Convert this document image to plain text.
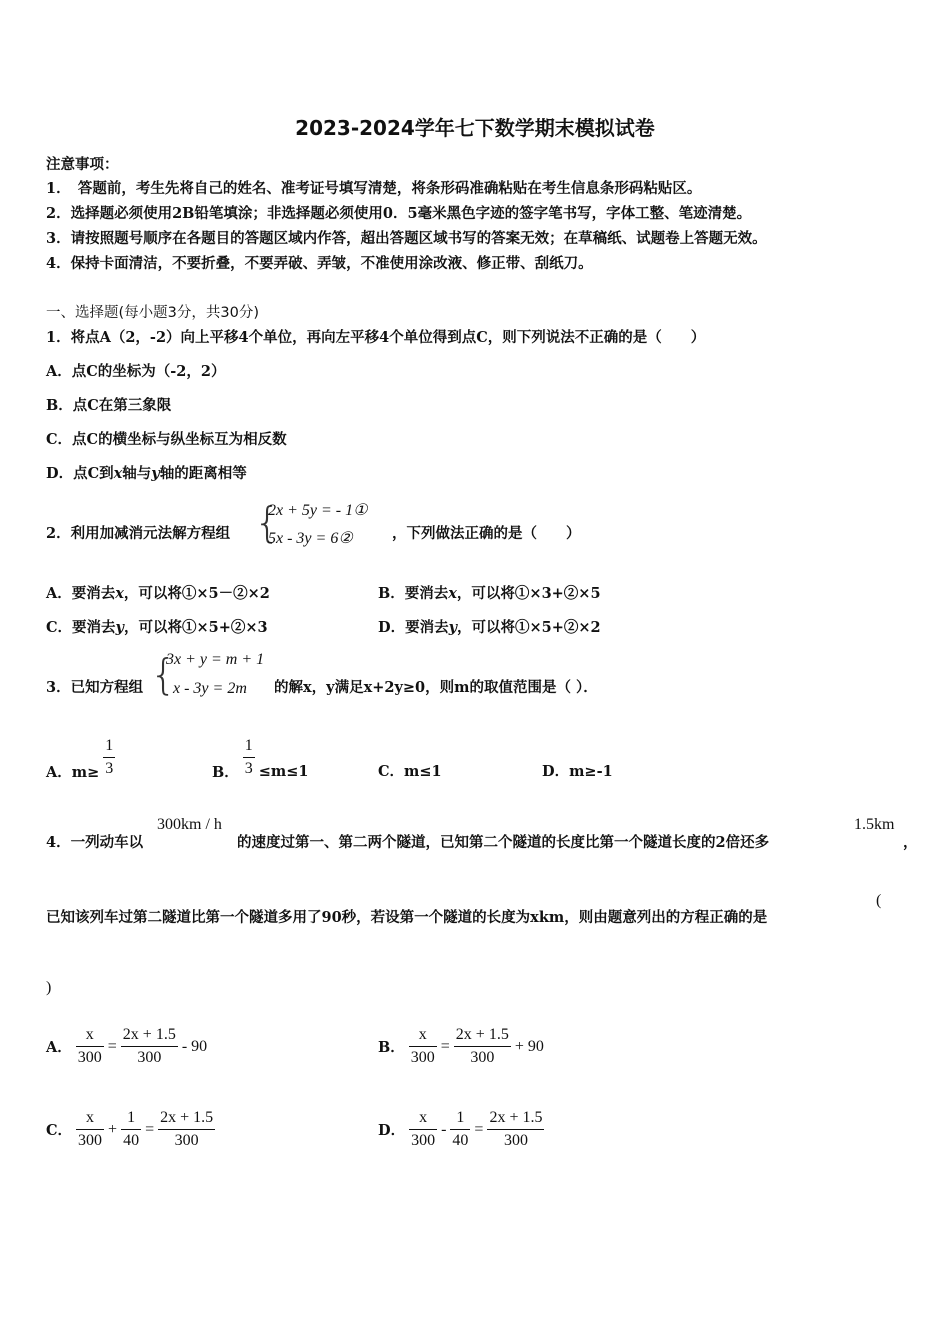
2023-2024学年七下数学期末模拟试卷
注意事项：
1．　答题前，考生先将自己的姓名、准考证号填写清楚，将条形码准确粘贴在考生信息条形码粘贴区。
2．选择题必须使用2B铅笔填涂；非选择题必须使用0．5毫米黑色字迹的签字笔书写，字体工整、笔迹清楚。
3．请按照题号顺序在各题目的答题区域内作答，超出答题区域书写的答案无效；在草稿纸、试题卷上答题无效。
4．保持卡面清洁，不要折叠，不要弄破、弄皱，不准使用涂改液、修正带、刮纸刀。
一、选择题(每小题3分，共30分)
1．将点A（2，-2）向上平移4个单位，再向左平移4个单位得到点C，则下列说法不正确的是（　　）
A．点C的坐标为（-2，2）
B．点C在第三象限
C．点C的横坐标与纵坐标互为相反数
D．点C到x轴与y轴的距离相等
2．利用加减消元法解方程组 {
2x + 5y = - 1①
5x - 3y = 6②	，下列做法正确的是（　　）
A．要消去x，可以将①×5－②×2	B．要消去x，可以将①×3+②×5
C．要消去y，可以将①×5+②×3	D．要消去y，可以将①×5+②×2
3．已知方程组 {
3x + y = m + 1
x - 3y = 2m 的解x，y满足x+2y≥0，则m的取值范围是（ ）．
A．$m\ge \frac{1}{3}$	B． $\frac{1}{3} \le m\le 1$	C．m≤1	D．m≥-1
4．一列动车以
300km / h
的速度过第一、第二两个隧道，已知第二个隧道的长度比第一个隧道长度的2倍还多
1.5km
，
已知该列车过第二隧道比第一个隧道多用了90秒，若设第一个隧道的长度为xkm，则由题意列出的方程正确的是
(
)
A． $\frac{x}{300} = \frac{2x + 1.5}{300} - 90$	B． $\frac{x}{300} = \frac{2x + 1.5}{300} + 90$
C． $\frac{x}{300} + \frac{1}{40} = \frac{2x + 1.5}{300}$	D． $\frac{x}{300} - \frac{1}{40} = \frac{2x + 1.5}{300}$
